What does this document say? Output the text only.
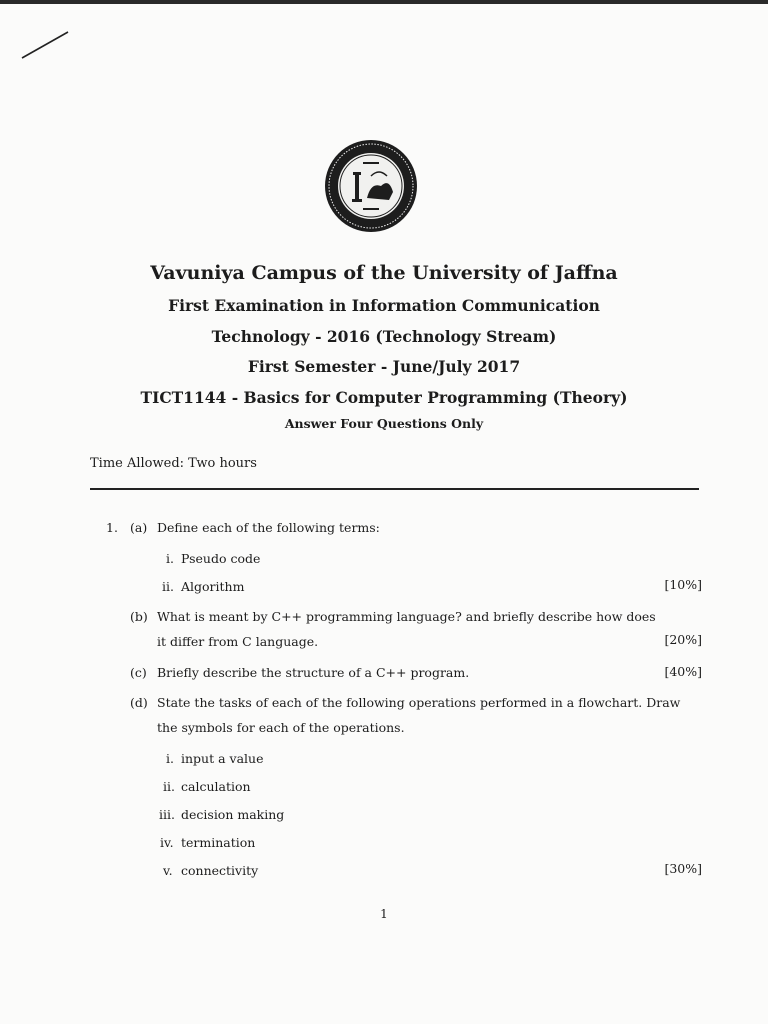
Vavuniya Campus of the University of Jaffna
First Examination in Information Communication
Technology - 2016 (Technology Stream)
First Semester - June/July 2017
TICT1144 - Basics for Computer Programming (Theory)
Answer Four Questions Only
Time Allowed: Two hours
1. (a) Define each of the following terms:
i. Pseudo code
ii. Algorithm	[10%]
(b) What is meant by C++ programming language? and briefly describe how does
it differ from C language.	[20%]
(c) Briefly describe the structure of a C++ program.	[40%]
(d) State the tasks of each of the following operations performed in a flowchart. Draw
the symbols for each of the operations.
i. input a value
ii. calculation
iii. decision making
iv. termination
v. connectivity	[30%]
1
